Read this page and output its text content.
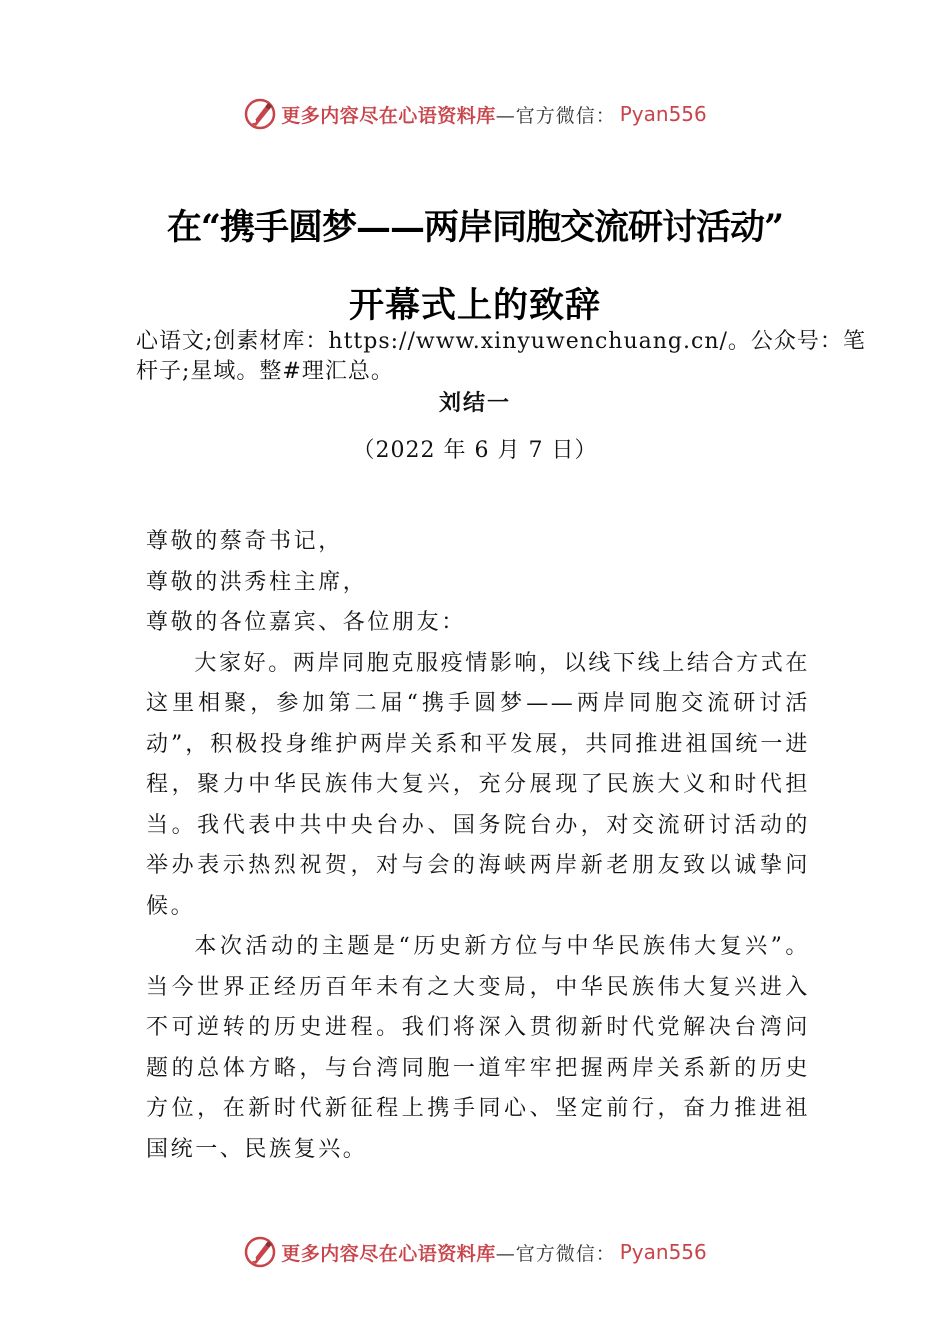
更多内容尽在心语资料库 —官方微信： Pyan556
在“携手圆梦——两岸同胞交流研讨活动”
开幕式上的致辞
心语文;创素材库：https://www.xinyuwenchuang.cn/。公众号：笔杆子;星域。整#理汇总。
刘结一
（2022 年 6 月 7 日）

尊敬的蔡奇书记，

尊敬的洪秀柱主席，

尊敬的各位嘉宾、各位朋友：

大家好。两岸同胞克服疫情影响，以线下线上结合方式在这里相聚，参加第二届“携手圆梦——两岸同胞交流研讨活动”，积极投身维护两岸关系和平发展，共同推进祖国统一进程，聚力中华民族伟大复兴，充分展现了民族大义和时代担当。我代表中共中央台办、国务院台办，对交流研讨活动的举办表示热烈祝贺，对与会的海峡两岸新老朋友致以诚挚问候。

本次活动的主题是“历史新方位与中华民族伟大复兴”。当今世界正经历百年未有之大变局，中华民族伟大复兴进入不可逆转的历史进程。我们将深入贯彻新时代党解决台湾问题的总体方略，与台湾同胞一道牢牢把握两岸关系新的历史方位，在新时代新征程上携手同心、坚定前行，奋力推进祖国统一、民族复兴。

更多内容尽在心语资料库 —官方微信： Pyan556
